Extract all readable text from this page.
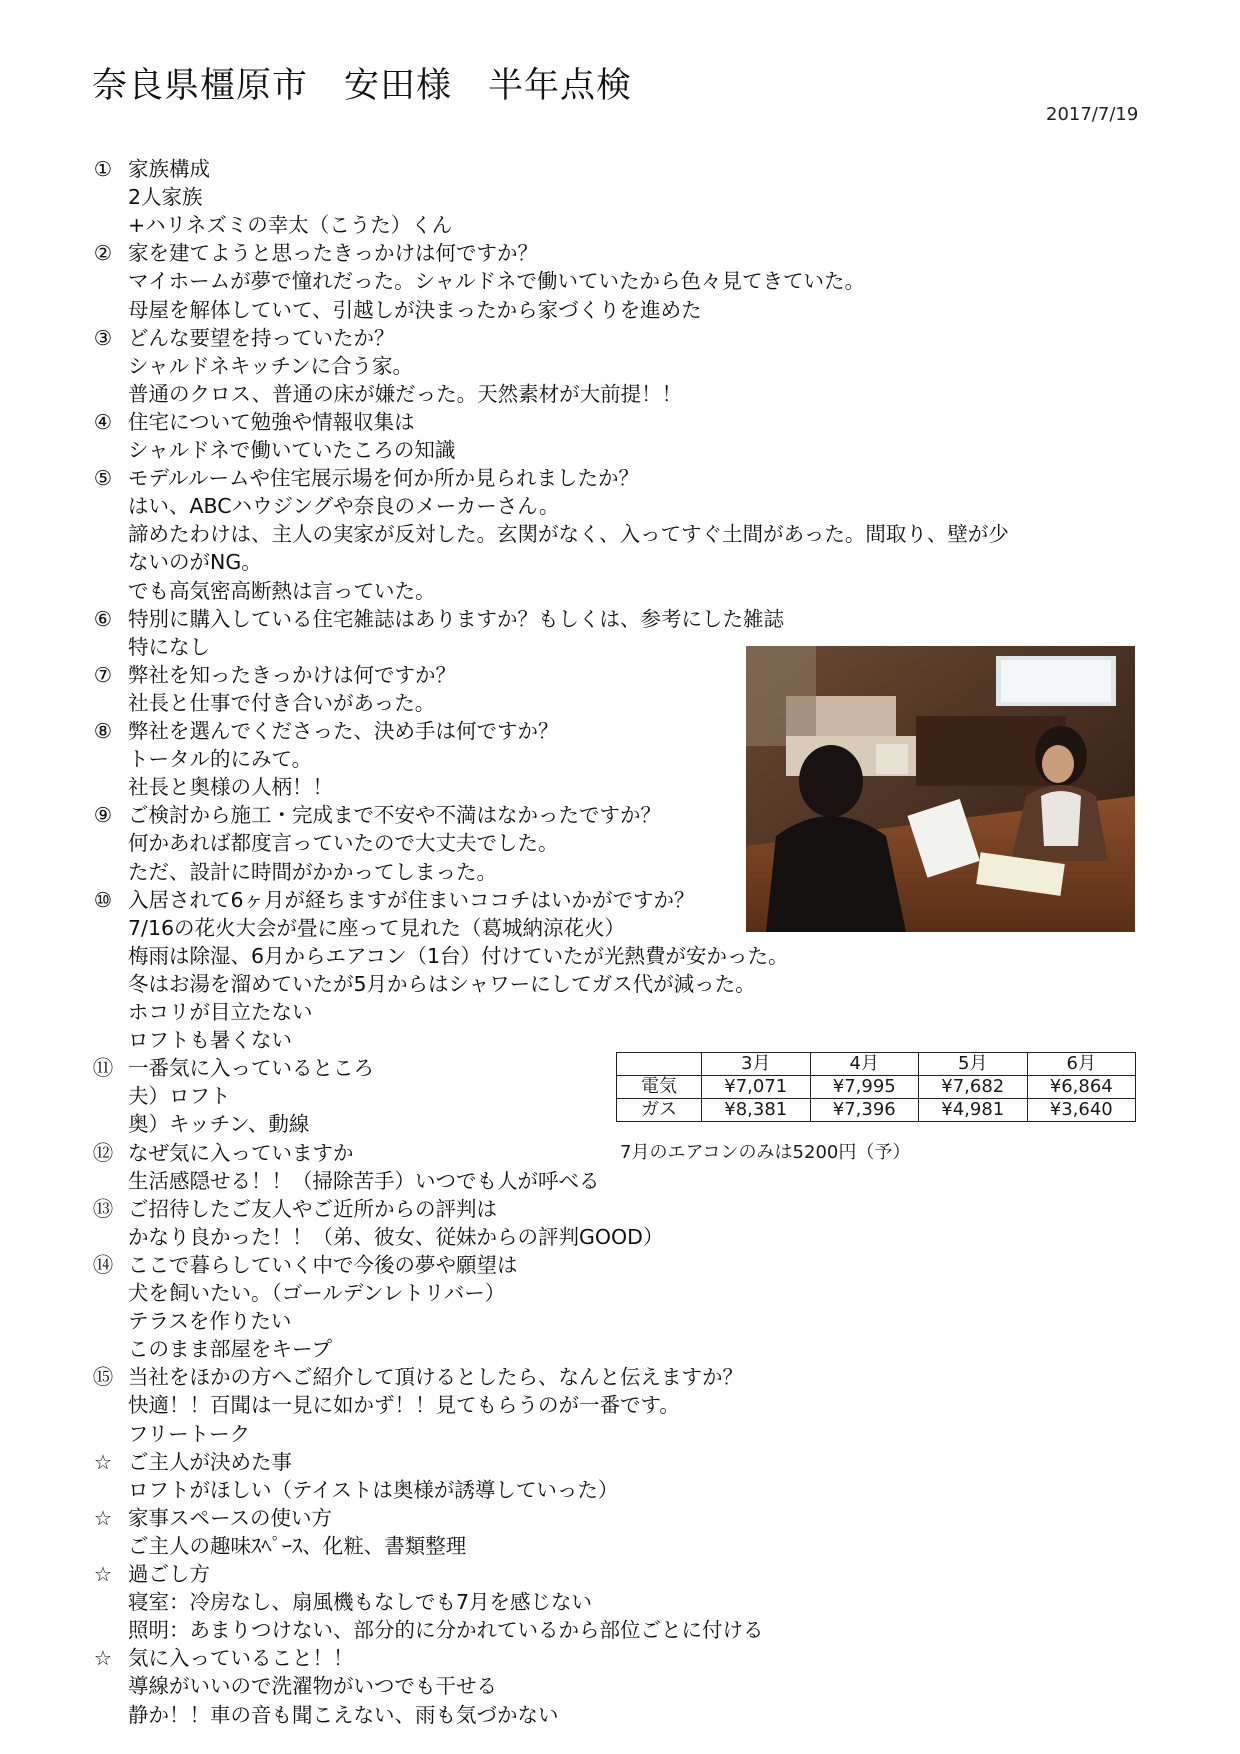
奈良県橿原市　安田様　半年点検
2017/7/19
① 家族構成
2人家族
+ハリネズミの幸太（こうた）くん
② 家を建てようと思ったきっかけは何ですか？
マイホームが夢で憧れだった。シャルドネで働いていたから色々見てきていた。
母屋を解体していて、引越しが決まったから家づくりを進めた
③ どんな要望を持っていたか？
シャルドネキッチンに合う家。
普通のクロス、普通の床が嫌だった。天然素材が大前提！！
④ 住宅について勉強や情報収集は
シャルドネで働いていたころの知識
⑤ モデルルームや住宅展示場を何か所か見られましたか？
はい、ABCハウジングや奈良のメーカーさん。
諦めたわけは、主人の実家が反対した。玄関がなく、入ってすぐ土間があった。間取り、壁が少
ないのがNG。
でも高気密高断熱は言っていた。
⑥ 特別に購入している住宅雑誌はありますか？もしくは、参考にした雑誌
特になし
⑦ 弊社を知ったきっかけは何ですか？
社長と仕事で付き合いがあった。
⑧ 弊社を選んでくださった、決め手は何ですか？
トータル的にみて。
社長と奥様の人柄！！
⑨ ご検討から施工・完成まで不安や不満はなかったですか？
何かあれば都度言っていたので大丈夫でした。
ただ、設計に時間がかかってしまった。
⑩ 入居されて6ヶ月が経ちますが住まいココチはいかがですか？
7/16の花火大会が畳に座って見れた（葛城納涼花火）
梅雨は除湿、6月からエアコン（1台）付けていたが光熱費が安かった。
冬はお湯を溜めていたが5月からはシャワーにしてガス代が減った。
ホコリが目立たない
ロフトも暑くない
⑪ 一番気に入っているところ
夫）ロフト
奥）キッチン、動線
⑫ なぜ気に入っていますか
生活感隠せる！！（掃除苦手）いつでも人が呼べる
⑬ ご招待したご友人やご近所からの評判は
かなり良かった！！（弟、彼女、従妹からの評判GOOD）
⑭ ここで暮らしていく中で今後の夢や願望は
犬を飼いたい。（ゴールデンレトリバー）
テラスを作りたい
このまま部屋をキープ
⑮ 当社をほかの方へご紹介して頂けるとしたら、なんと伝えますか？
快適！！百聞は一見に如かず！！見てもらうのが一番です。
フリートーク
☆ ご主人が決めた事
ロフトがほしい（テイストは奥様が誘導していった）
☆ 家事スペースの使い方
ご主人の趣味ｽﾍﾟｰｽ、化粧、書類整理
☆ 過ごし方
寝室：冷房なし、扇風機もなしでも7月を感じない
照明：あまりつけない、部分的に分かれているから部位ごとに付ける
☆ 気に入っていること！！
導線がいいので洗濯物がいつでも干せる
静か！！車の音も聞こえない、雨も気づかない
	3月	4月	5月	6月
電気	¥7,071	¥7,995	¥7,682	¥6,864
ガス	¥8,381	¥7,396	¥4,981	¥3,640
7月のエアコンのみは5200円（予）
